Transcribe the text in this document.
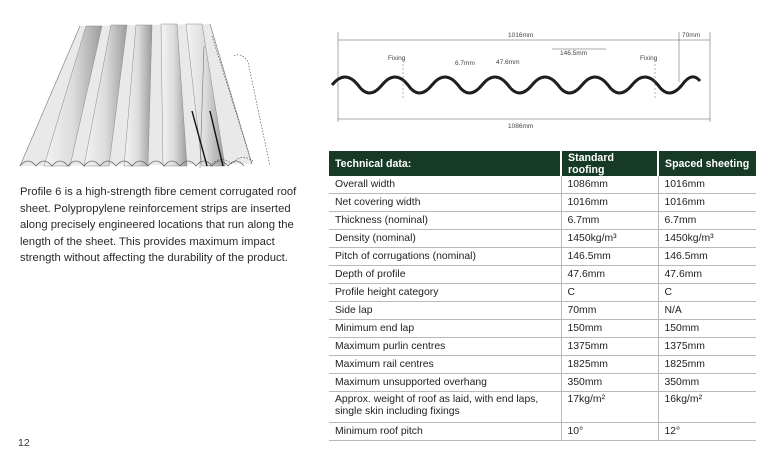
Profile 6 is a high-strength fibre cement corrugated roof sheet. Polypropylene reinforcement strips are inserted along precisely engineered locations that run along the length of the sheet. This provides maximum impact strength without affecting the durability of the product.
1016mm	70mm
146.5mm
6.7mm	47.6mm
Fixing	Fixing
1086mm
Technical data:	Standard roofing	Spaced sheeting
Overall width	1086mm	1016mm
Net covering width	1016mm	1016mm
Thickness (nominal)	6.7mm	6.7mm
Density (nominal)	1450kg/m³	1450kg/m³
Pitch of corrugations (nominal)	146.5mm	146.5mm
Depth of profile	47.6mm	47.6mm
Profile height category	C	C
Side lap	70mm	N/A
Minimum end lap	150mm	150mm
Maximum purlin centres	1375mm	1375mm
Maximum rail centres	1825mm	1825mm
Maximum unsupported overhang	350mm	350mm
Approx. weight of roof as laid, with end laps, single skin including fixings	17kg/m²	16kg/m²
Minimum roof pitch	10°	12°
12
